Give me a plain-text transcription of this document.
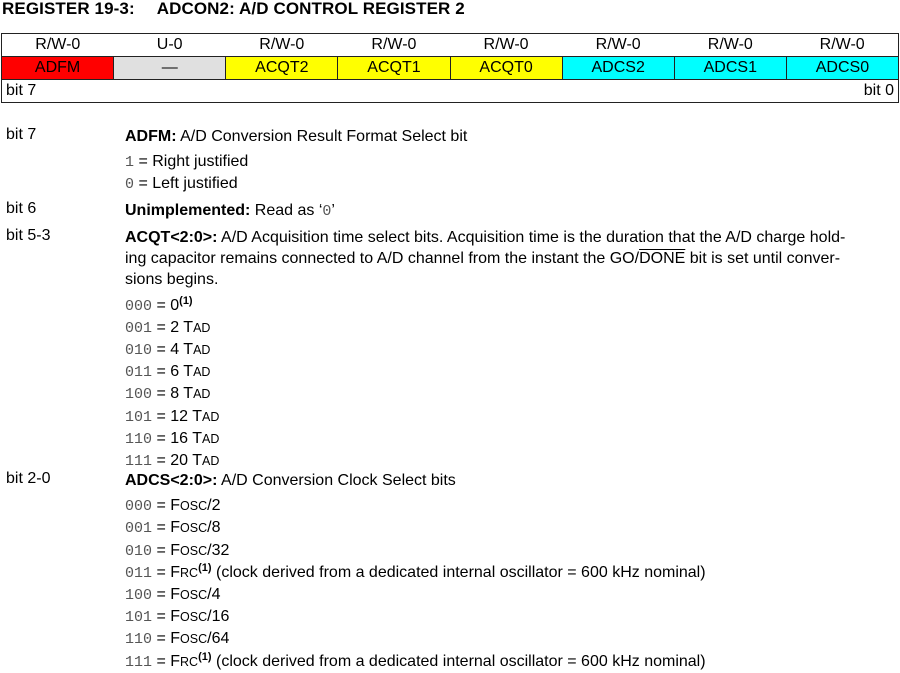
REGISTER 19-3: ADCON2: A/D CONTROL REGISTER 2
R/W-0	U-0	R/W-0	R/W-0	R/W-0	R/W-0	R/W-0	R/W-0
ADFM	—	ACQT2	ACQT1	ACQT0	ADCS2	ADCS1	ADCS0
bit 7 bit 0							
bit 7	ADFM: A/D Conversion Result Format Select bit
1 = Right justified
0 = Left justified
bit 6	Unimplemented: Read as ‘0’
bit 5-3	ACQT<2:0>: A/D Acquisition time select bits. Acquisition time is the duration that the A/D charge hold-
ing capacitor remains connected to A/D channel from the instant the GO/DONE bit is set until conver-
sions begins.
$000 = 0^{(1)}$
001 = 2 TAD
010 = 4 TAD
011 = 6 TAD
100 = 8 TAD
101 = 12 TAD
110 = 16 TAD
111 = 20 TAD
bit 2-0	ADCS<2:0>: A/D Conversion Clock Select bits
000 = FOSC/2
001 = FOSC/8
010 = FOSC/32
$011 = FRC^{(1)}$ (clock derived from a dedicated internal oscillator = 600 kHz nominal)
100 = FOSC/4
101 = FOSC/16
110 = FOSC/64
$111 = FRC^{(1)}$ (clock derived from a dedicated internal oscillator = 600 kHz nominal)
